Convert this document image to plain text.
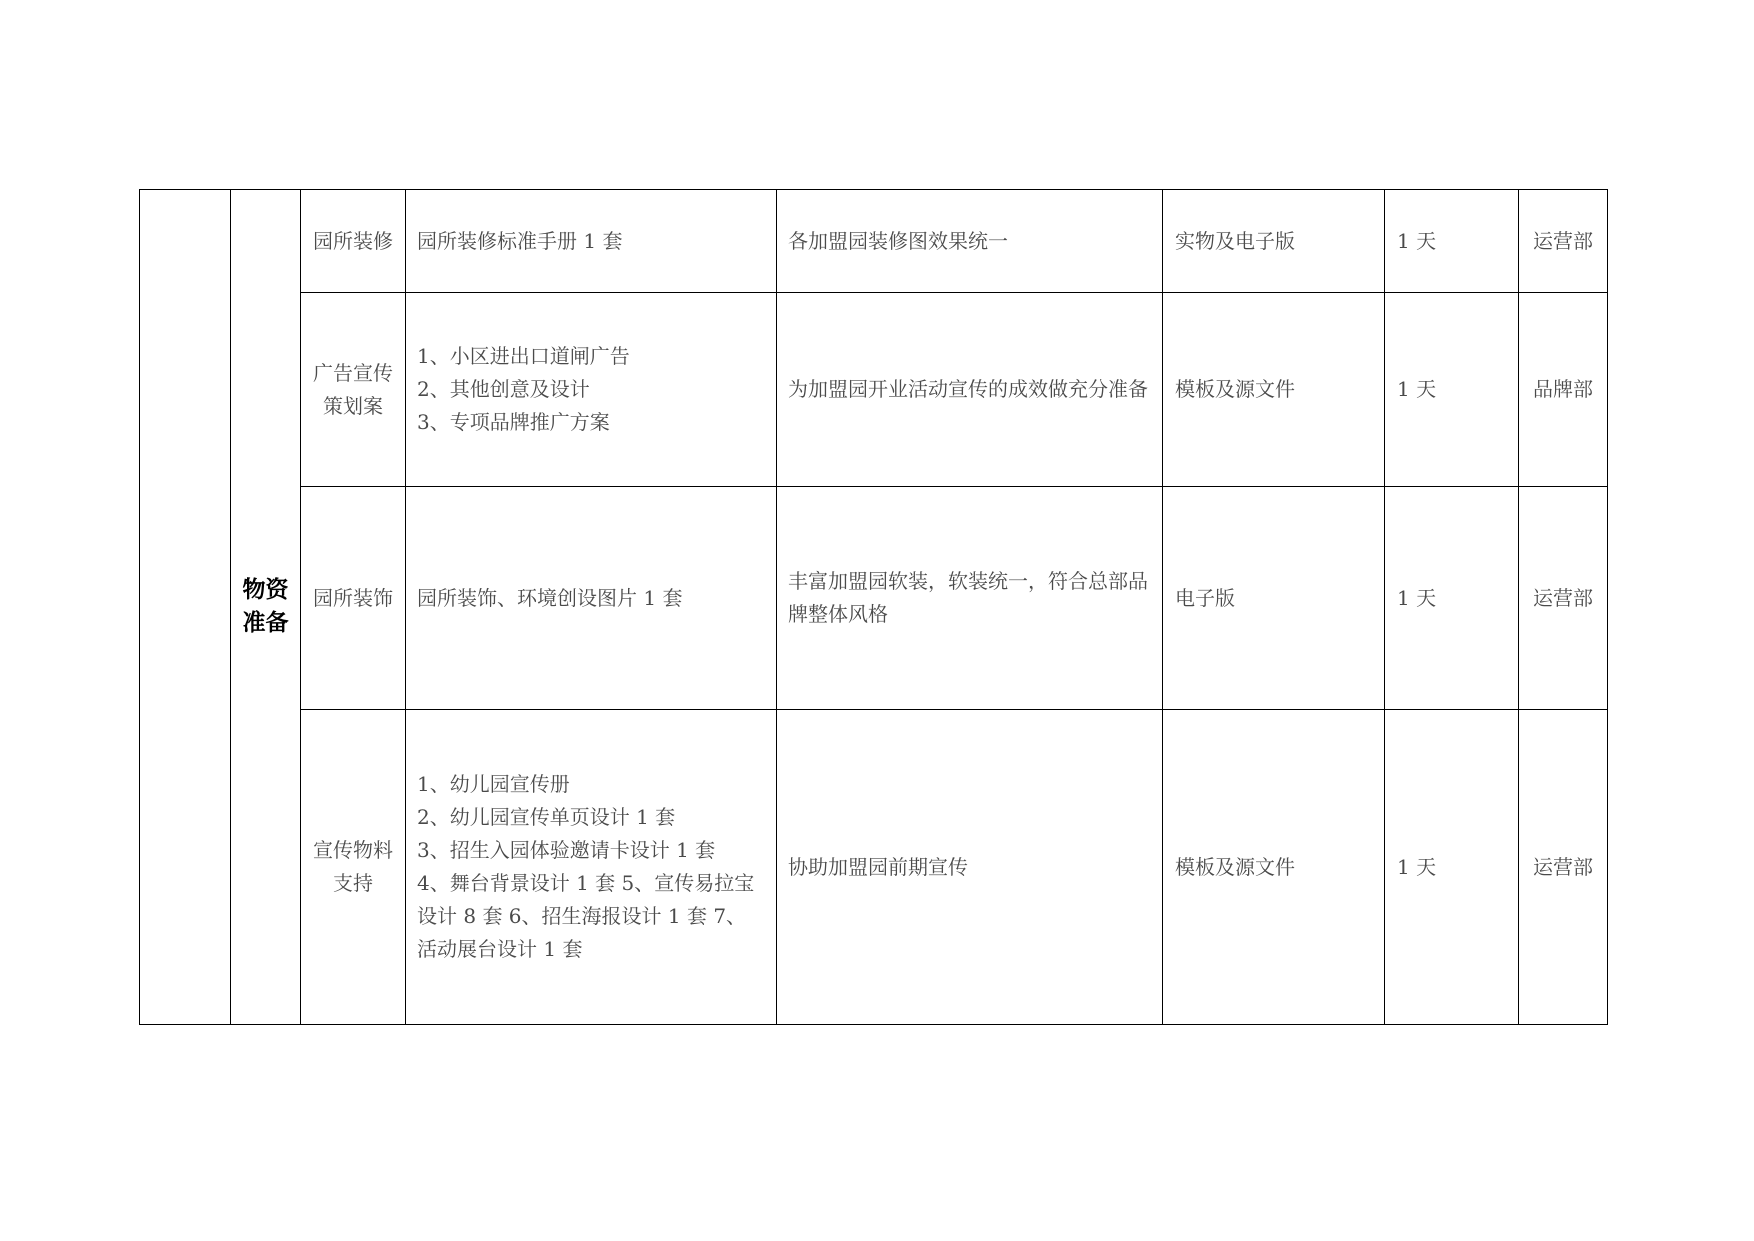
	物资准备	园所装修	园所装修标准手册 1 套	各加盟园装修图效果统一	实物及电子版	1 天	运营部
		广告宣传策划案	1、小区进出口道闸广告
2、其他创意及设计
3、专项品牌推广方案	为加盟园开业活动宣传的成效做充分准备	模板及源文件	1 天	品牌部
		园所装饰	园所装饰、环境创设图片 1 套	丰富加盟园软装，软装统一，符合总部品牌整体风格	电子版	1 天	运营部
		宣传物料支持	1、幼儿园宣传册
2、幼儿园宣传单页设计 1 套
3、招生入园体验邀请卡设计 1 套
4、舞台背景设计 1 套 5、宣传易拉宝设计 8 套 6、招生海报设计 1 套 7、活动展台设计 1 套	协助加盟园前期宣传	模板及源文件	1 天	运营部
